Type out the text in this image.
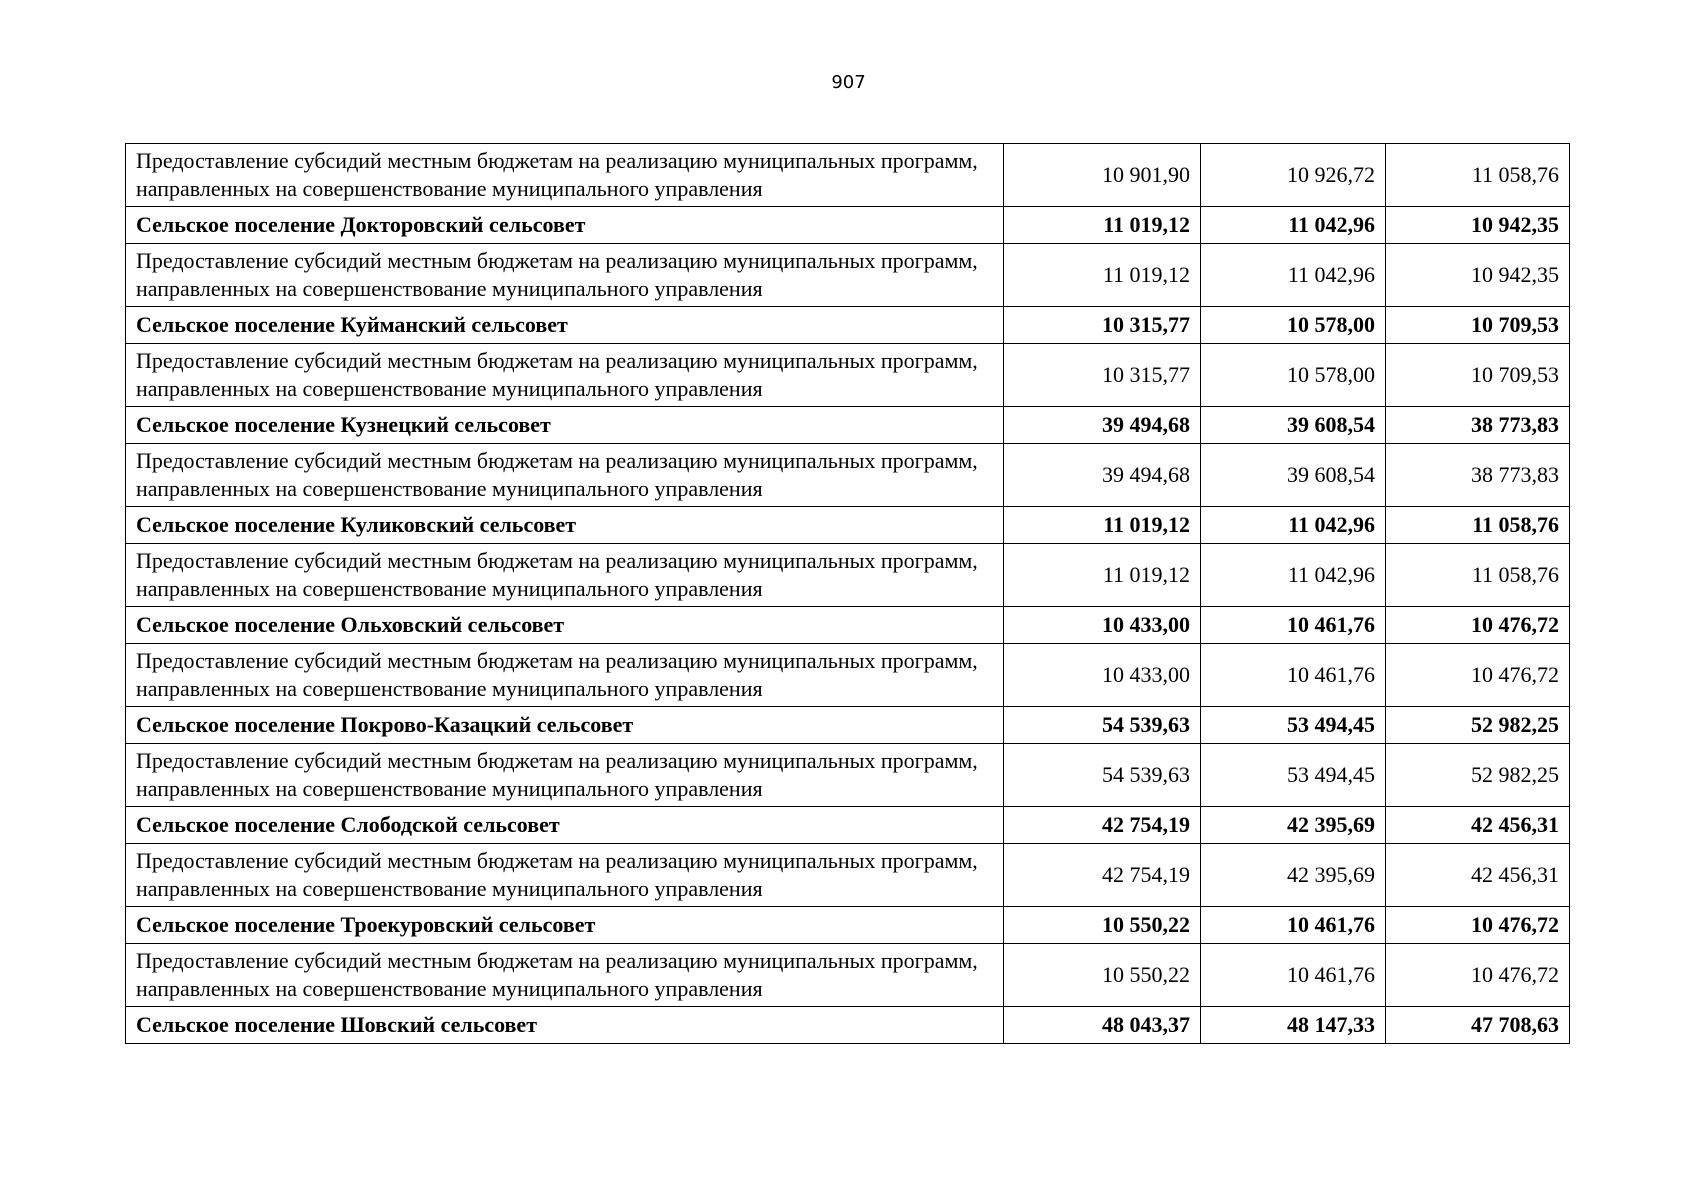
907
Предоставление субсидий местным бюджетам на реализацию муниципальных программ, направленных на совершенствование муниципального управления	10 901,90	10 926,72	11 058,76
Сельское поселение Докторовский сельсовет	11 019,12	11 042,96	10 942,35
Предоставление субсидий местным бюджетам на реализацию муниципальных программ, направленных на совершенствование муниципального управления	11 019,12	11 042,96	10 942,35
Сельское поселение Куйманский сельсовет	10 315,77	10 578,00	10 709,53
Предоставление субсидий местным бюджетам на реализацию муниципальных программ, направленных на совершенствование муниципального управления	10 315,77	10 578,00	10 709,53
Сельское поселение Кузнецкий сельсовет	39 494,68	39 608,54	38 773,83
Предоставление субсидий местным бюджетам на реализацию муниципальных программ, направленных на совершенствование муниципального управления	39 494,68	39 608,54	38 773,83
Сельское поселение Куликовский сельсовет	11 019,12	11 042,96	11 058,76
Предоставление субсидий местным бюджетам на реализацию муниципальных программ, направленных на совершенствование муниципального управления	11 019,12	11 042,96	11 058,76
Сельское поселение Ольховский сельсовет	10 433,00	10 461,76	10 476,72
Предоставление субсидий местным бюджетам на реализацию муниципальных программ, направленных на совершенствование муниципального управления	10 433,00	10 461,76	10 476,72
Сельское поселение Покрово-Казацкий сельсовет	54 539,63	53 494,45	52 982,25
Предоставление субсидий местным бюджетам на реализацию муниципальных программ, направленных на совершенствование муниципального управления	54 539,63	53 494,45	52 982,25
Сельское поселение Слободской сельсовет	42 754,19	42 395,69	42 456,31
Предоставление субсидий местным бюджетам на реализацию муниципальных программ, направленных на совершенствование муниципального управления	42 754,19	42 395,69	42 456,31
Сельское поселение Троекуровский сельсовет	10 550,22	10 461,76	10 476,72
Предоставление субсидий местным бюджетам на реализацию муниципальных программ, направленных на совершенствование муниципального управления	10 550,22	10 461,76	10 476,72
Сельское поселение Шовский сельсовет	48 043,37	48 147,33	47 708,63
